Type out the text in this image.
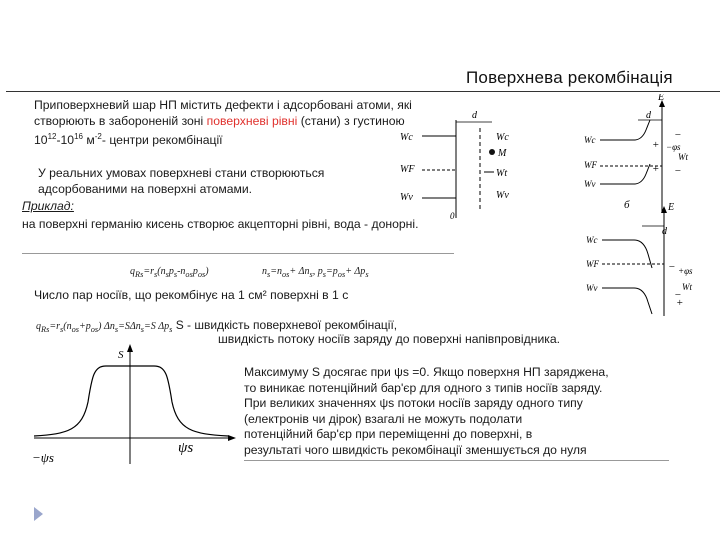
Поверхнева рекомбінація
Приповерхневий шар НП містить дефекти і адсорбовані атоми, які створюють в забороненій зоні поверхневі рівні (стани) з густиною $10^{12}-10^{16}$ $м^{-2}-$ центри рекомбінації
У реальних умовах поверхневі стани створюються адсорбованими на поверхні атомами.
Приклад:
на поверхні германію кисень створює акцепторні рівні, вода - донорні.
$q_{Rs}=r_s(n_sp_s-n_{os}p_{os})$	$n_s=n_{os}+ \Delta n_s$, $p_s=p_{os}+ \Delta p_s$
Число пар носіїв, що рекомбінує на 1 см² поверхні в 1 с
$q_{Rs}=r_s(n_{os}+p_{os})$ $\Delta n_s=S\Delta n_s=S$ $\Delta p_s$ S - швидкість поверхневої рекомбінації,
швидкість потоку носіїв заряду до поверхні напівпровідника.
Максимуму S досягає при ψs =0. Якщо поверхня НП заряджена,
то виникає потенційний бар'єр для одного з типів носіїв заряду.
При великих значеннях ψs потоки носіїв заряду одного типу
(електронів чи дірок) взагалі не можуть подолати
потенційний бар'єр при переміщенні до поверхні, в
результаті чого швидкість рекомбінації зменшується до нуля
d
Wc
WF
Wv
Wc
M
Wt
Wv
0
E
d
Wc
WF
Wv
−φs
Wt
−
−
+
+
б	E
d
Wc
WF
Wv
+φs
Wt
−
−
+
S
−ψs
ψs
